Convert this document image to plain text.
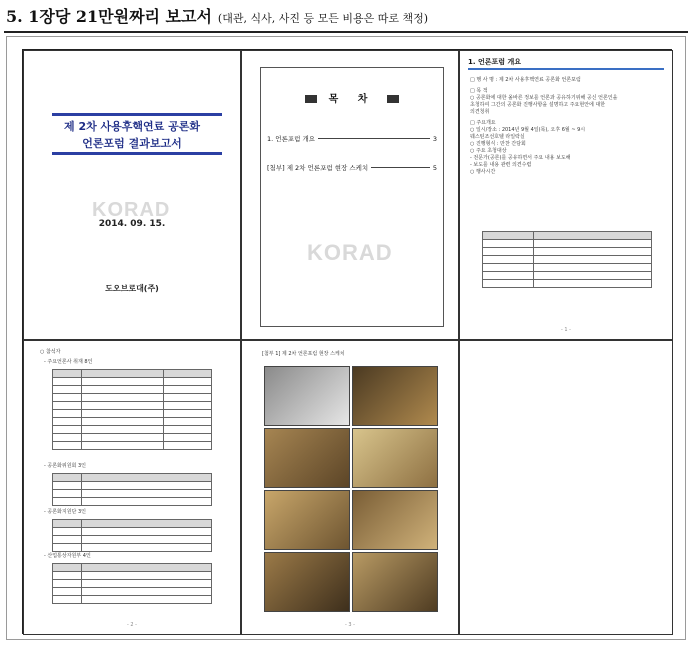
5. 1장당 21만원짜리 보고서 (대관, 식사, 사진 등 모든 비용은 따로 책정)
제 2차 사용후핵연료 공론화
언론포럼 결과보고서
KORAD
2014. 09. 15.
도오브로대(주)
목 차
1. 언론포럼 개요	3
[첨부] 제 2차 언론포럼 현장 스케치	5
KORAD
1. 언론포럼 개요
□ 행 사 명 : 제 2차 사용후핵연료 공론화 언론포럼
□ 목 적
○ 공론화에 대한 올바른 정보를 언론과 공유하기위해 공신 언론인을
초청하여 그간의 공론화 진행사항을 설명하고 주요현안에 대한
의견청취
□ 주요개요
○ 일시/장소 : 2014년 9월 4일(목), 오후 6월 ~ 9시
웨스틴조선호텔 라일락실
○ 진행형식 : 만찬 간담회
○ 주요 초청대상
- 전문가(공론)를 공유하면서 주요 내용 보도해
- 보도를 내용 관련 의견수렴
○ 행사시간

- 1 -
○ 참석자
- 주요언론사 취재 8인

- 공론화위원회 3인

- 공론화지원단 3인

- 산업통상자원부 4인

- 2 -
[첨부 1] 제 2차 언론포럼 현장 스케치
- 3 -
